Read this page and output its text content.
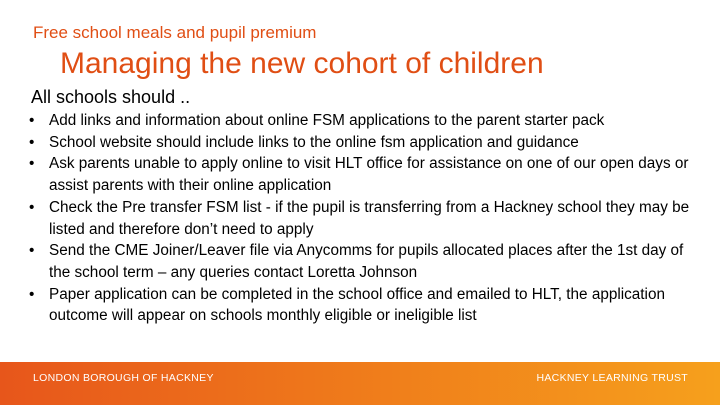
Free school meals and pupil premium
Managing the new cohort of children
All schools should ..
• Add links and information about online FSM applications to the parent starter pack
• School website should include links to the online fsm application and guidance
• Ask parents unable to apply online to visit HLT office for assistance on one of our open days or assist parents with their online application
• Check the Pre transfer FSM list - if the pupil is transferring from a Hackney school they may be listed and therefore don’t need to apply
• Send the CME Joiner/Leaver file via Anycomms for pupils allocated places after the 1st day of the school term – any queries contact Loretta Johnson
• Paper application can be completed in the school office and emailed to HLT, the application outcome will appear on schools monthly eligible or ineligible list
LONDON BOROUGH OF HACKNEY	HACKNEY LEARNING TRUST
